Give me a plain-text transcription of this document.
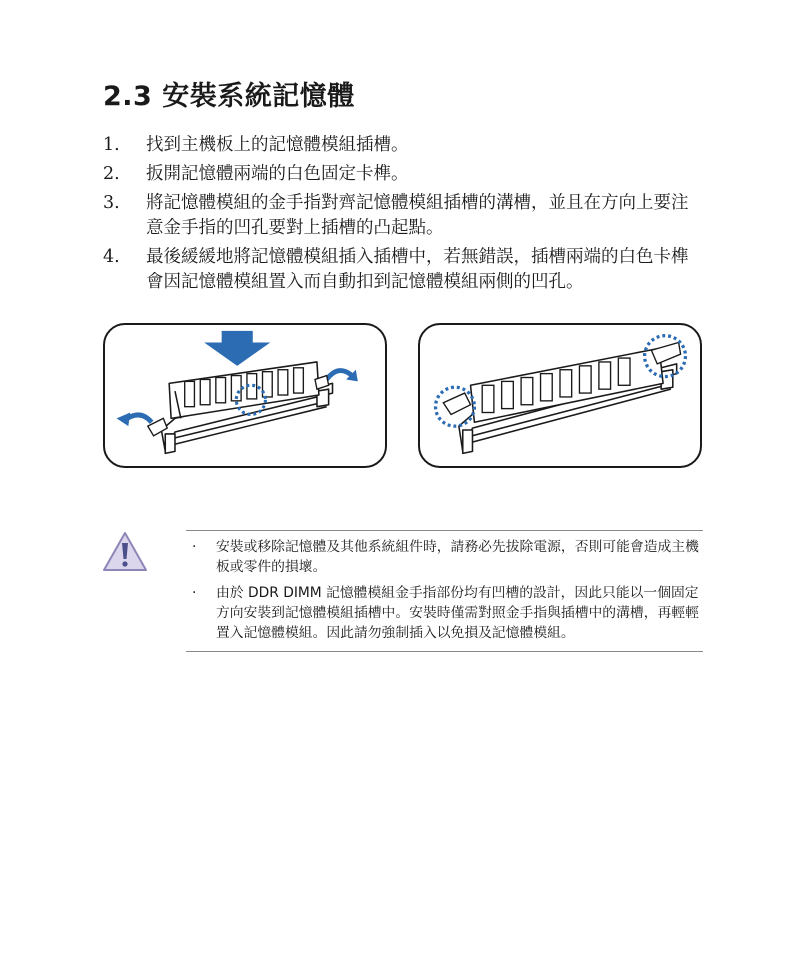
2.3 安裝系統記憶體
1.	找到主機板上的記憶體模組插槽。
2.	扳開記憶體兩端的白色固定卡榫。
3.	將記憶體模組的金手指對齊記憶體模組插槽的溝槽，並且在方向上要注意金手指的凹孔要對上插槽的凸起點。
4.	最後緩緩地將記憶體模組插入插槽中，若無錯誤，插槽兩端的白色卡榫會因記憶體模組置入而自動扣到記憶體模組兩側的凹孔。
·	安裝或移除記憶體及其他系統組件時，請務必先拔除電源，否則可能會造成主機板或零件的損壞。
·	由於 DDR DIMM 記憶體模組金手指部份均有凹槽的設計，因此只能以一個固定方向安裝到記憶體模組插槽中。安裝時僅需對照金手指與插槽中的溝槽，再輕輕置入記憶體模組。因此請勿強制插入以免損及記憶體模組。
